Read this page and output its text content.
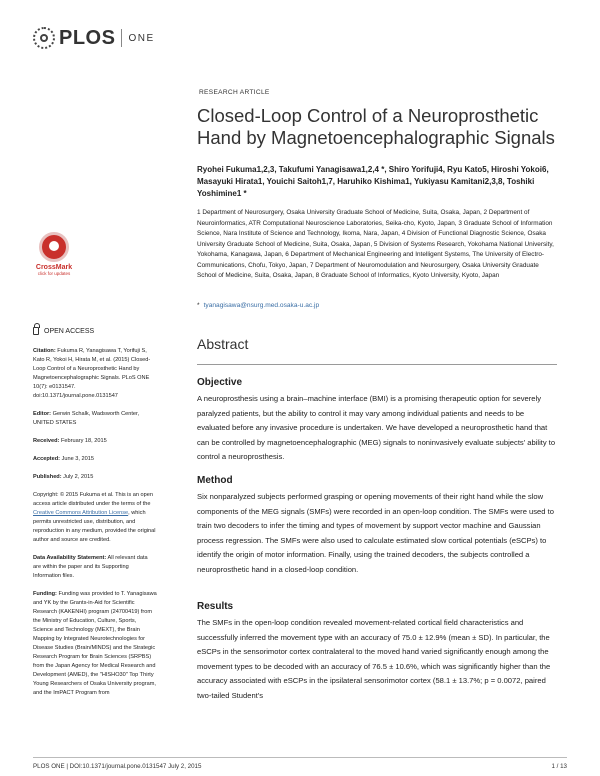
PLOS ONE
RESEARCH ARTICLE
Closed-Loop Control of a Neuroprosthetic Hand by Magnetoencephalographic Signals
Ryohei Fukuma1,2,3, Takufumi Yanagisawa1,2,4 *, Shiro Yorifuji4, Ryu Kato5, Hiroshi Yokoi6, Masayuki Hirata1, Youichi Saitoh1,7, Haruhiko Kishima1, Yukiyasu Kamitani2,3,8, Toshiki Yoshimine1 *
1 Department of Neurosurgery, Osaka University Graduate School of Medicine, Suita, Osaka, Japan, 2 Department of Neuroinformatics, ATR Computational Neuroscience Laboratories, Seika-cho, Kyoto, Japan, 3 Graduate School of Information Science, Nara Institute of Science and Technology, Ikoma, Nara, Japan, 4 Division of Functional Diagnostic Science, Osaka University Graduate School of Medicine, Suita, Osaka, Japan, 5 Division of Systems Research, Yokohama National University, Yokohama, Kanagawa, Japan, 6 Department of Mechanical Engineering and Intelligent Systems, The University of Electro-Communications, Chofu, Tokyo, Japan, 7 Department of Neuromodulation and Neurosurgery, Osaka University Graduate School of Medicine, Suita, Osaka, Japan, 8 Graduate School of Informatics, Kyoto University, Kyoto, Japan
* tyanagisawa@nsurg.med.osaka-u.ac.jp
CrossMark
click for updates
OPEN ACCESS

Citation: Fukuma R, Yanagisawa T, Yorifuji S, Kato R, Yokoi H, Hirata M, et al. (2015) Closed-Loop Control of a Neuroprosthetic Hand by Magnetoencephalographic Signals. PLoS ONE 10(7): e0131547. doi:10.1371/journal.pone.0131547

Editor: Gerwin Schalk, Wadsworth Center, UNITED STATES

Received: February 18, 2015

Accepted: June 3, 2015

Published: July 2, 2015

Copyright: © 2015 Fukuma et al. This is an open access article distributed under the terms of the Creative Commons Attribution License, which permits unrestricted use, distribution, and reproduction in any medium, provided the original author and source are credited.

Data Availability Statement: All relevant data are within the paper and its Supporting Information files.

Funding: Funding was provided to T. Yanagisawa and YK by the Grants-in-Aid for Scientific Research (KAKENHI) program (24700419) from the Ministry of Education, Culture, Sports, Science and Technology (MEXT), the Brain Mapping by Integrated Neurotechnologies for Disease Studies (Brain/MINDS) and the Strategic Research Program for Brain Sciences (SRPBS) from the Japan Agency for Medical Research and Development (AMED), the "HISHO30" Top Thirty Young Researchers of Osaka University program, and the ImPACT Program from

Abstract
Objective
A neuroprosthesis using a brain–machine interface (BMI) is a promising therapeutic option for severely paralyzed patients, but the ability to control it may vary among individual patients and needs to be evaluated before any invasive procedure is undertaken. We have developed a neuroprosthetic hand that can be controlled by magnetoencephalographic (MEG) signals to noninvasively evaluate subjects' ability to control a neuroprosthesis.
Method
Six nonparalyzed subjects performed grasping or opening movements of their right hand while the slow components of the MEG signals (SMFs) were recorded in an open-loop condition. The SMFs were used to train two decoders to infer the timing and types of movement by support vector machine and Gaussian process regression. The SMFs were also used to calculate estimated slow cortical potentials (eSCPs) to identify the origin of motor information. Finally, using the trained decoders, the subjects controlled a neuroprosthetic hand in a closed-loop condition.
Results
The SMFs in the open-loop condition revealed movement-related cortical field characteristics and successfully inferred the movement type with an accuracy of 75.0 ± 12.9% (mean ± SD). In particular, the eSCPs in the sensorimotor cortex contralateral to the moved hand varied significantly enough among the movement types to be decoded with an accuracy of 76.5 ± 10.6%, which was significantly higher than the accuracy associated with eSCPs in the ipsilateral sensorimotor cortex (58.1 ± 13.7%; p = 0.0072, paired two-tailed Student's
PLOS ONE | DOI:10.1371/journal.pone.0131547 July 2, 2015	1 / 13
